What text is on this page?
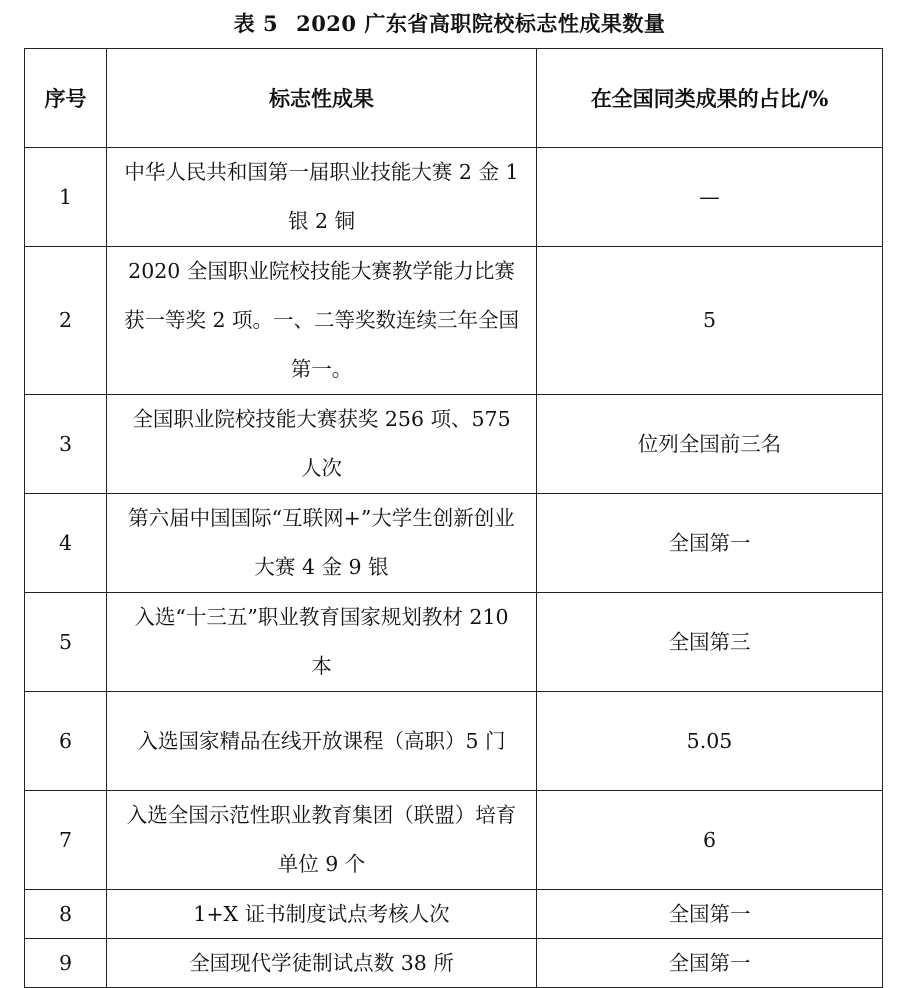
表 5 2020 广东省高职院校标志性成果数量
序号	标志性成果	在全国同类成果的占比/%
1	中华人民共和国第一届职业技能大赛 2 金 1 银 2 铜	—
2	2020 全国职业院校技能大赛教学能力比赛获一等奖 2 项。一、二等奖数连续三年全国第一。	5
3	全国职业院校技能大赛获奖 256 项、575 人次	位列全国前三名
4	第六届中国国际“互联网+”大学生创新创业大赛 4 金 9 银	全国第一
5	入选“十三五”职业教育国家规划教材 210 本	全国第三
6	入选国家精品在线开放课程（高职）5 门	5.05
7	入选全国示范性职业教育集团（联盟）培育单位 9 个	6
8	1+X 证书制度试点考核人次	全国第一
9	全国现代学徒制试点数 38 所	全国第一
